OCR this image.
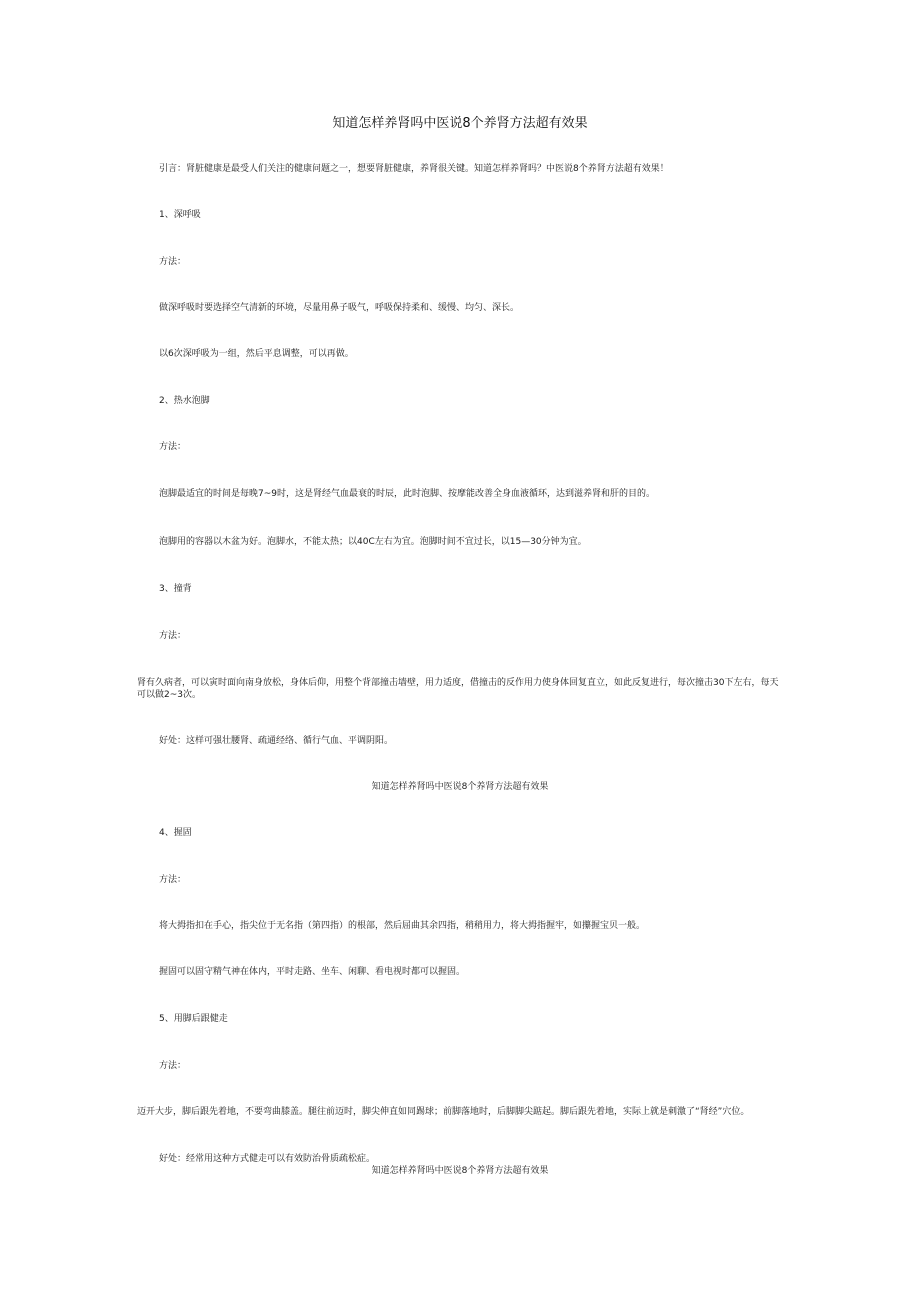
知道怎样养肾吗中医说8个养肾方法超有效果
引言：肾脏健康是最受人们关注的健康问题之一，想要肾脏健康，养肾很关键。知道怎样养肾吗？中医说8个养肾方法超有效果！
1、深呼吸
方法：
做深呼吸时要选择空气清新的环境，尽量用鼻子吸气，呼吸保持柔和、缓慢、均匀、深长。
以6次深呼吸为一组，然后平息调整，可以再做。
2、热水泡脚
方法：
泡脚最适宜的时间是每晚7~9时，这是肾经气血最衰的时辰，此时泡脚、按摩能改善全身血液循环，达到滋养肾和肝的目的。
泡脚用的容器以木盆为好。泡脚水，不能太热；以40C左右为宜。泡脚时间不宜过长，以15—30分钟为宜。
3、撞背
方法：
肾有久病者，可以寅时面向南身放松，身体后仰，用整个背部撞击墙壁，用力适度，借撞击的反作用力使身体回复直立，如此反复进行，每次撞击30下左右，每天可以做2~3次。
好处：这样可强壮腰肾、疏通经络、循行气血、平调阴阳。
知道怎样养肾吗中医说8个养肾方法超有效果
4、握固
方法：
将大拇指扣在手心，指尖位于无名指（第四指）的根部，然后屈曲其余四指，稍稍用力，将大拇指握牢，如攥握宝贝一般。
握固可以固守精气神在体内，平时走路、坐车、闲聊、看电视时都可以握固。
5、用脚后跟健走
方法：
迈开大步，脚后跟先着地，不要弯曲膝盖。腿往前迈时，脚尖伸直如同踢球；前脚落地时，后脚脚尖踮起。脚后跟先着地，实际上就是刺激了“肾经”穴位。
好处：经常用这种方式健走可以有效防治骨质疏松症。
知道怎样养肾吗中医说8个养肾方法超有效果
